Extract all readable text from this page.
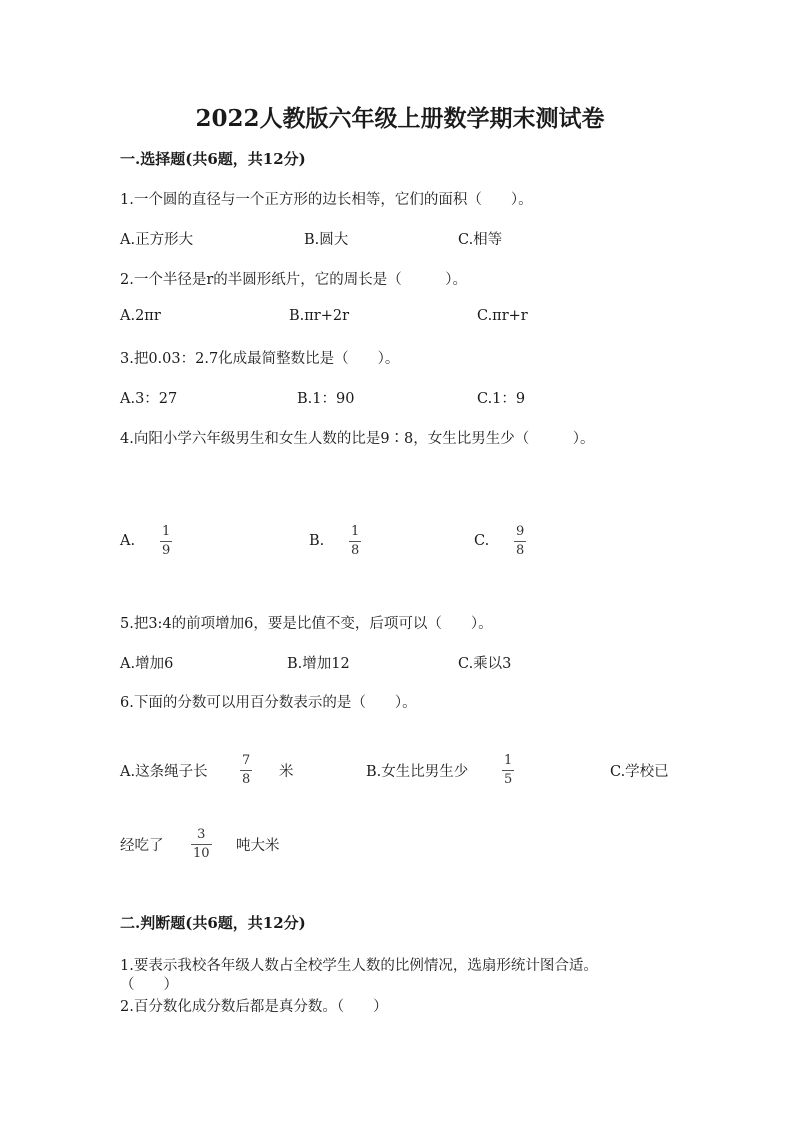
2022人教版六年级上册数学期末测试卷
一.选择题(共6题，共12分)
1.一个圆的直径与一个正方形的边长相等，它们的面积（　　）。
A.正方形大	B.圆大	C.相等
2.一个半径是r的半圆形纸片，它的周长是（　　　）。
A.2πr	B.πr+2r	C.πr+r
3.把0.03：2.7化成最简整数比是（　　）。
A.3：27	B.1：90	C.1：9
4.向阳小学六年级男生和女生人数的比是9∶8，女生比男生少（　　　）。
A.
1
9
B.
1
8
C.
9
8
5.把3:4的前项增加6，要是比值不变，后项可以（　　）。
A.增加6	B.增加12	C.乘以3
6.下面的分数可以用百分数表示的是（　　）。
A.这条绳子长
7
8 米	B.女生比男生少
1
5	C.学校已
经吃了
3
10 吨大米
二.判断题(共6题，共12分)
1.要表示我校各年级人数占全校学生人数的比例情况，选扇形统计图合适。
（　　）
2.百分数化成分数后都是真分数。（　　）
